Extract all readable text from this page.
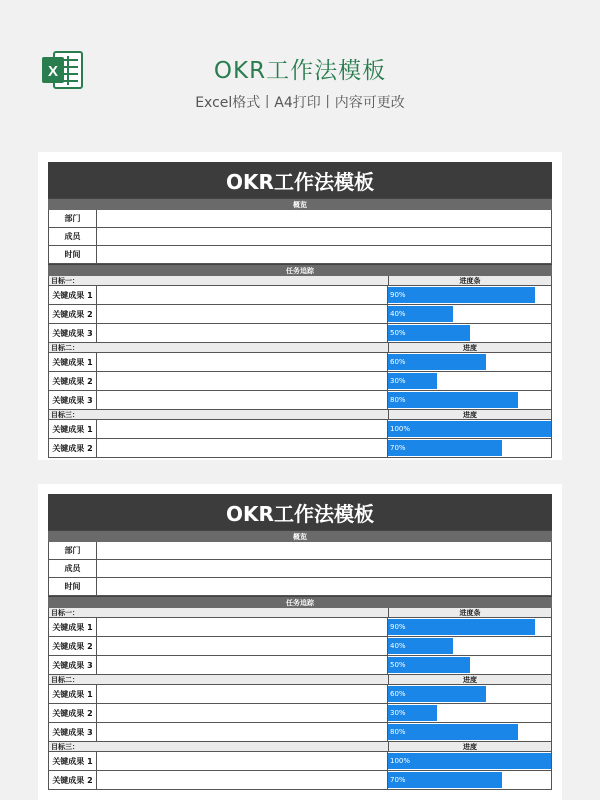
X	OKR工作法模板
Excel格式丨A4打印丨内容可更改
OKR工作法模板
概览
部门
成员
时间
任务追踪
目标一：	进度条
关键成果 1	90%
关键成果 2	40%
关键成果 3	50%
目标二：	进度
关键成果 1	60%
关键成果 2	30%
关键成果 3	80%
目标三：	进度
关键成果 1	100%
关键成果 2	70%
OKR工作法模板
概览
部门
成员
时间
任务追踪
目标一：	进度条
关键成果 1	90%
关键成果 2	40%
关键成果 3	50%
目标二：	进度
关键成果 1	60%
关键成果 2	30%
关键成果 3	80%
目标三：	进度
关键成果 1	100%
关键成果 2	70%
